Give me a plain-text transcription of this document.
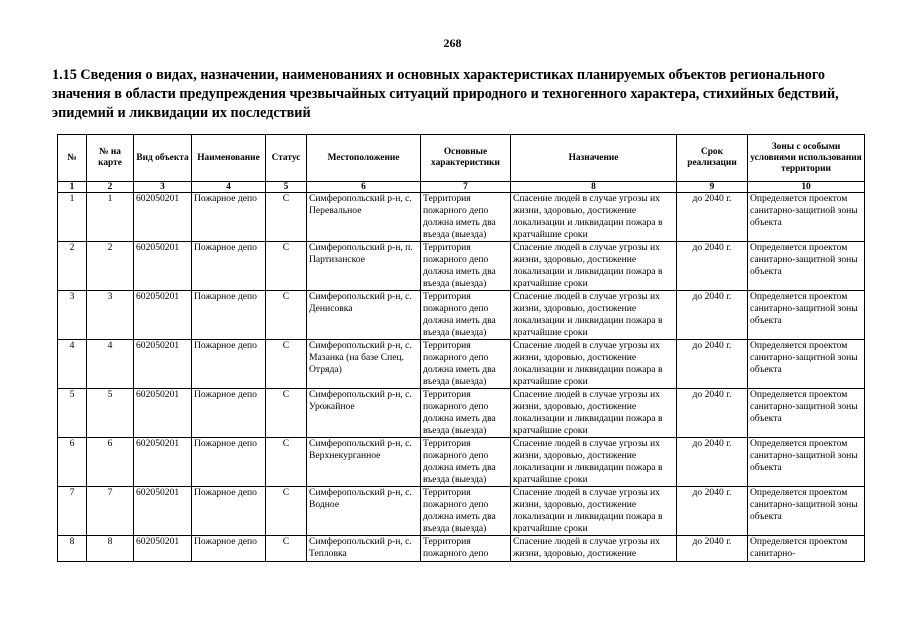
268
1.15 Сведения о видах, назначении, наименованиях и основных характеристиках планируемых объектов регионального значения в области предупреждения чрезвычайных ситуаций природного и техногенного характера, стихийных бедствий, эпидемий и ликвидации их последствий
№	№ на карте	Вид объекта	Наименование	Статус	Местоположение	Основные характеристики	Назначение	Срок реализации	Зоны с особыми условиями использования территории
1	2	3	4	5	6	7	8	9	10
1	1	602050201	Пожарное депо	С	Симферопольский р-н, с. Перевальное	Территория пожарного депо должна иметь два въезда (выезда)	Спасение людей в случае угрозы их жизни, здоровью, достижение локализации и ликвидации пожара в кратчайшие сроки	до 2040 г.	Определяется проектом санитарно-защитной зоны объекта
2	2	602050201	Пожарное депо	С	Симферопольский р-н, п. Партизанское	Территория пожарного депо должна иметь два въезда (выезда)	Спасение людей в случае угрозы их жизни, здоровью, достижение локализации и ликвидации пожара в кратчайшие сроки	до 2040 г.	Определяется проектом санитарно-защитной зоны объекта
3	3	602050201	Пожарное депо	С	Симферопольский р-н, с. Денисовка	Территория пожарного депо должна иметь два въезда (выезда)	Спасение людей в случае угрозы их жизни, здоровью, достижение локализации и ликвидации пожара в кратчайшие сроки	до 2040 г.	Определяется проектом санитарно-защитной зоны объекта
4	4	602050201	Пожарное депо	С	Симферопольский р-н, с. Мазанка (на базе Спец. Отряда)	Территория пожарного депо должна иметь два въезда (выезда)	Спасение людей в случае угрозы их жизни, здоровью, достижение локализации и ликвидации пожара в кратчайшие сроки	до 2040 г.	Определяется проектом санитарно-защитной зоны объекта
5	5	602050201	Пожарное депо	С	Симферопольский р-н, с. Урожайное	Территория пожарного депо должна иметь два въезда (выезда)	Спасение людей в случае угрозы их жизни, здоровью, достижение локализации и ликвидации пожара в кратчайшие сроки	до 2040 г.	Определяется проектом санитарно-защитной зоны объекта
6	6	602050201	Пожарное депо	С	Симферопольский р-н, с. Верхнекурганное	Территория пожарного депо должна иметь два въезда (выезда)	Спасение людей в случае угрозы их жизни, здоровью, достижение локализации и ликвидации пожара в кратчайшие сроки	до 2040 г.	Определяется проектом санитарно-защитной зоны объекта
7	7	602050201	Пожарное депо	С	Симферопольский р-н, с. Водное	Территория пожарного депо должна иметь два въезда (выезда)	Спасение людей в случае угрозы их жизни, здоровью, достижение локализации и ликвидации пожара в кратчайшие сроки	до 2040 г.	Определяется проектом санитарно-защитной зоны объекта
8	8	602050201	Пожарное депо	С	Симферопольский р-н, с. Тепловка	Территория пожарного депо	Спасение людей в случае угрозы их жизни, здоровью, достижение	до 2040 г.	Определяется проектом санитарно-
